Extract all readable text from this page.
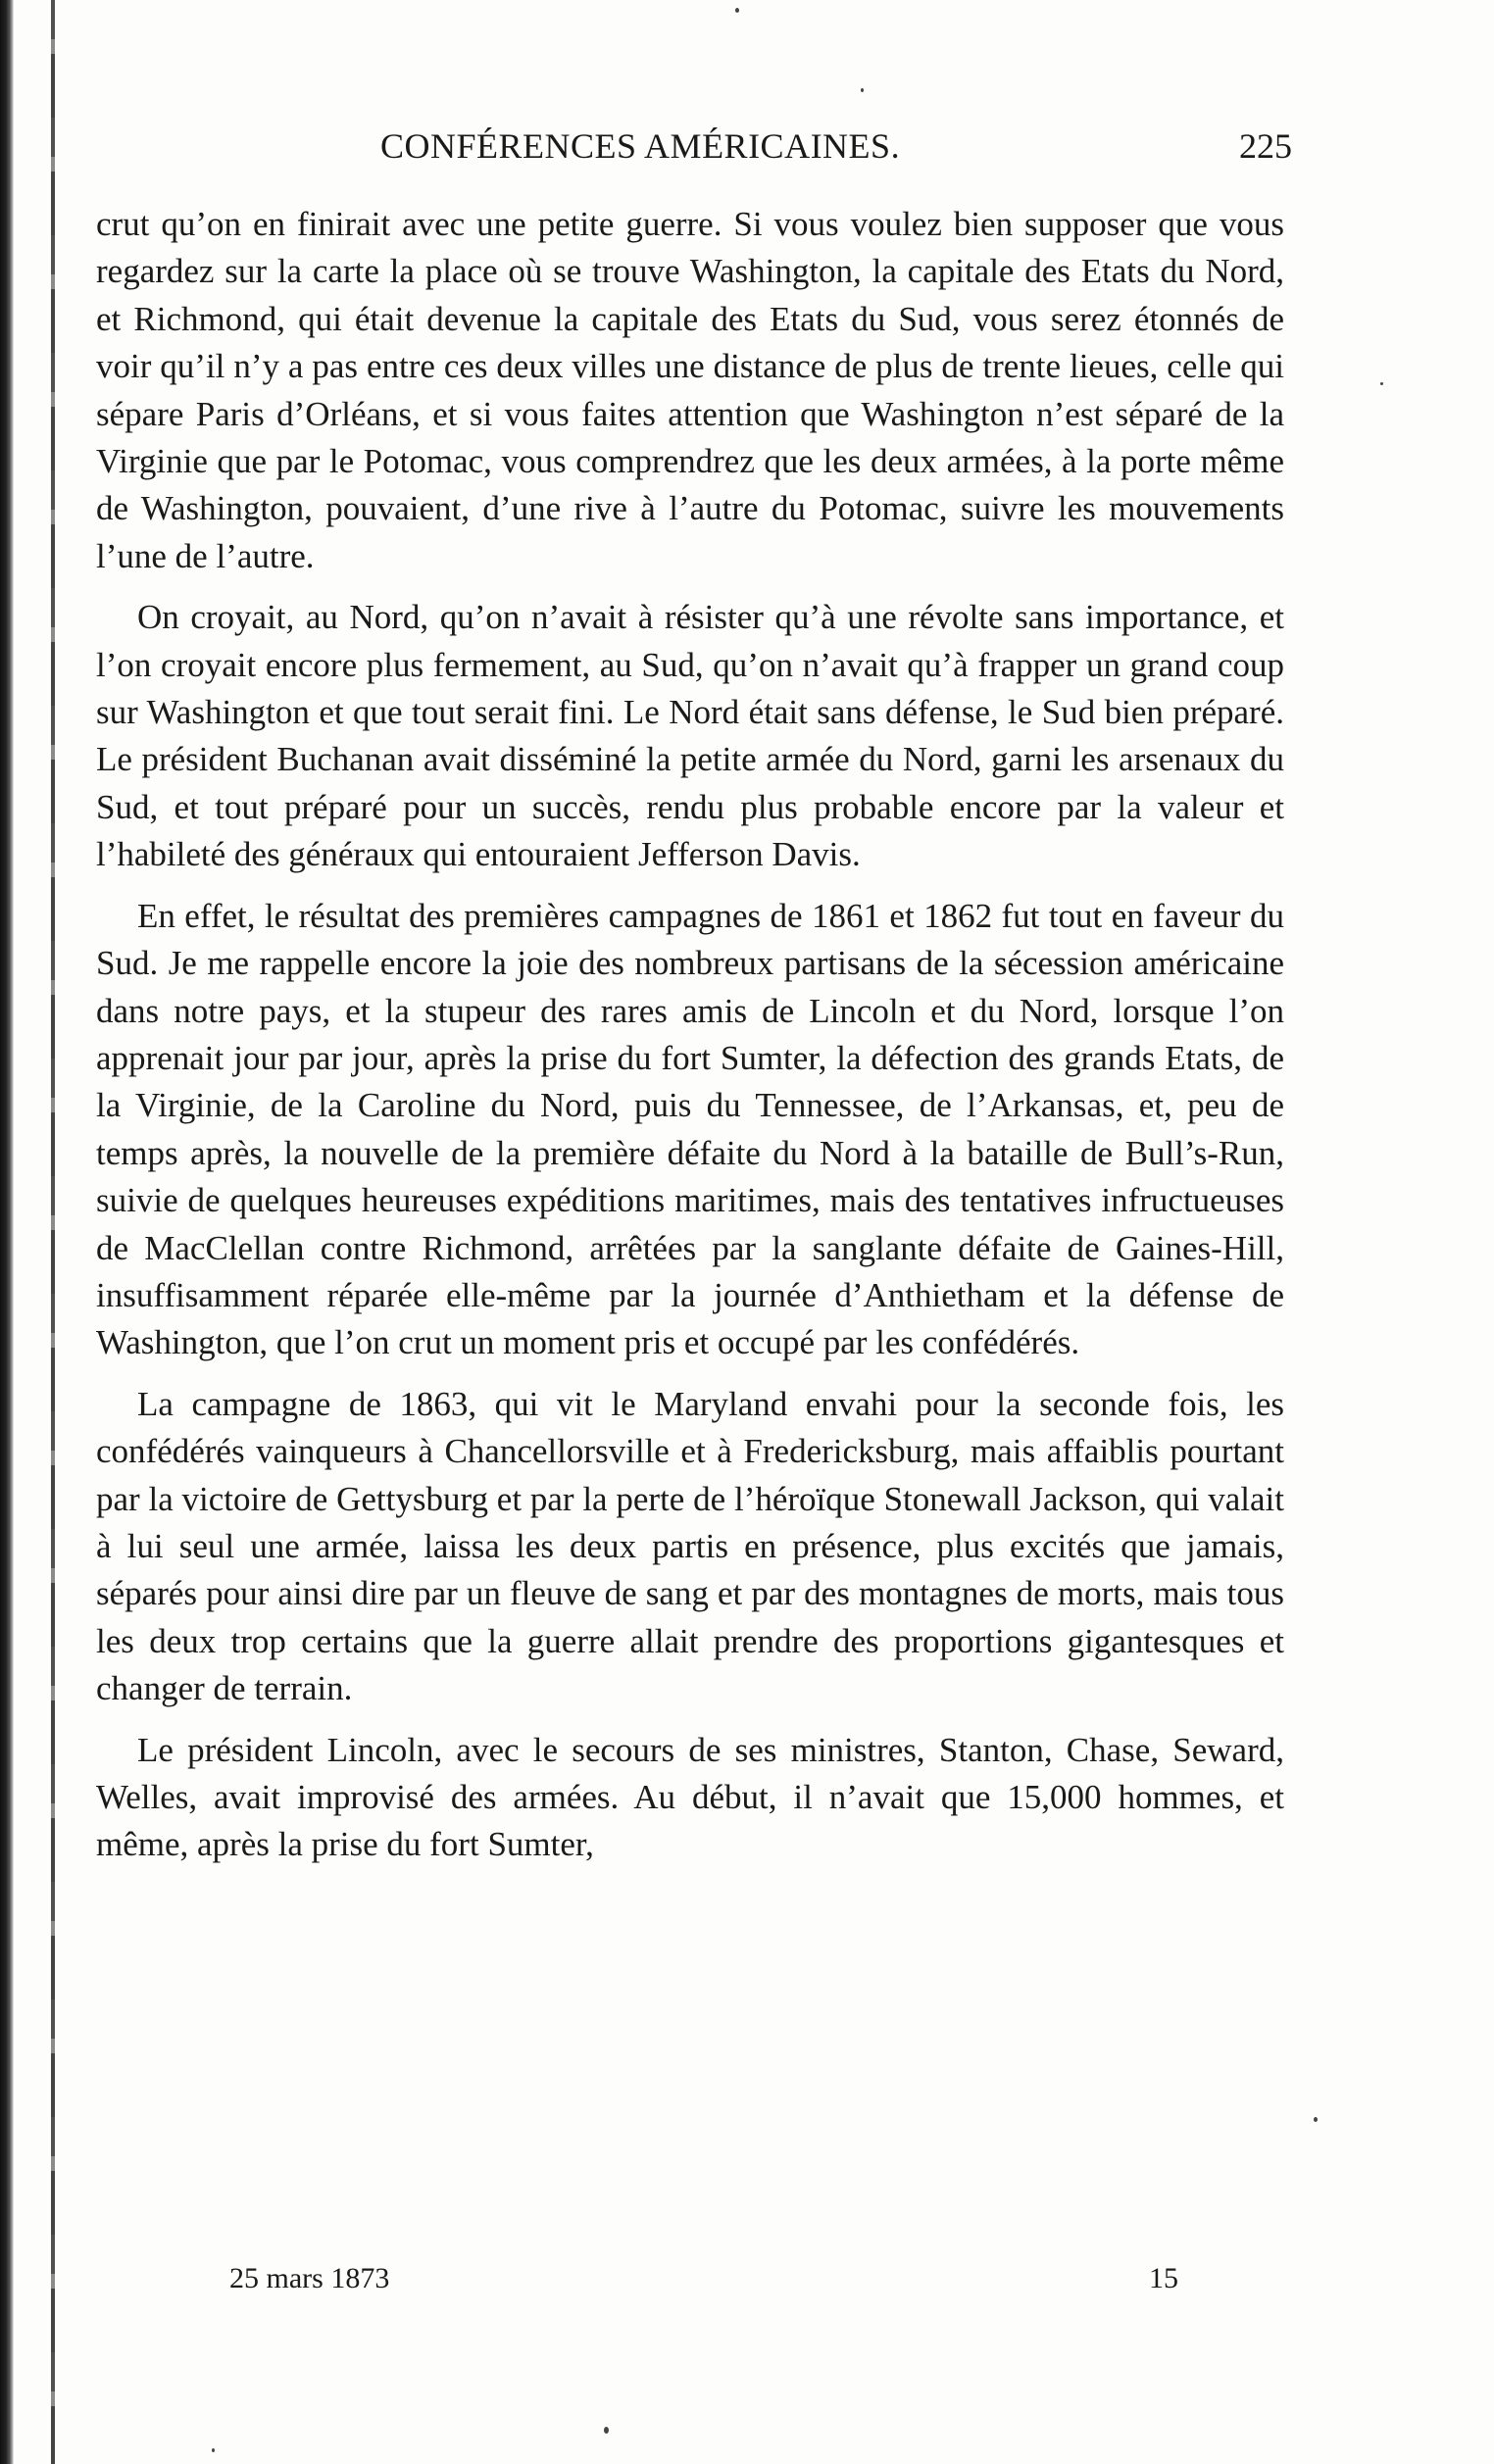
CONFÉRENCES AMÉRICAINES.	225

crut qu’on en finirait avec une petite guerre. Si vous voulez bien supposer que vous regardez sur la carte la place où se trouve Washington, la capitale des Etats du Nord, et Richmond, qui était devenue la capitale des Etats du Sud, vous serez étonnés de voir qu’il n’y a pas entre ces deux villes une distance de plus de trente lieues, celle qui sépare Paris d’Orléans, et si vous faites attention que Washington n’est séparé de la Virginie que par le Potomac, vous comprendrez que les deux armées, à la porte même de Washington, pouvaient, d’une rive à l’autre du Potomac, suivre les mouvements l’une de l’autre.

On croyait, au Nord, qu’on n’avait à résister qu’à une révolte sans importance, et l’on croyait encore plus fermement, au Sud, qu’on n’avait qu’à frapper un grand coup sur Washington et que tout serait fini. Le Nord était sans défense, le Sud bien préparé. Le président Buchanan avait disséminé la petite armée du Nord, garni les arsenaux du Sud, et tout préparé pour un succès, rendu plus probable encore par la valeur et l’habileté des généraux qui entouraient Jefferson Davis.

En effet, le résultat des premières campagnes de 1861 et 1862 fut tout en faveur du Sud. Je me rappelle encore la joie des nombreux partisans de la sécession américaine dans notre pays, et la stupeur des rares amis de Lincoln et du Nord, lorsque l’on apprenait jour par jour, après la prise du fort Sumter, la défection des grands Etats, de la Virginie, de la Caroline du Nord, puis du Tennessee, de l’Arkansas, et, peu de temps après, la nouvelle de la première défaite du Nord à la bataille de Bull’s-Run, suivie de quelques heureuses expéditions maritimes, mais des tentatives infructueuses de MacClellan contre Richmond, arrêtées par la sanglante défaite de Gaines-Hill, insuffisamment réparée elle-même par la journée d’Anthietham et la défense de Washington, que l’on crut un moment pris et occupé par les confédérés.

La campagne de 1863, qui vit le Maryland envahi pour la seconde fois, les confédérés vainqueurs à Chancellorsville et à Fredericksburg, mais affaiblis pourtant par la victoire de Gettysburg et par la perte de l’héroïque Stonewall Jackson, qui valait à lui seul une armée, laissa les deux partis en présence, plus excités que jamais, séparés pour ainsi dire par un fleuve de sang et par des montagnes de morts, mais tous les deux trop certains que la guerre allait prendre des proportions gigantesques et changer de terrain.

Le président Lincoln, avec le secours de ses ministres, Stanton, Chase, Seward, Welles, avait improvisé des armées. Au début, il n’avait que 15,000 hommes, et même, après la prise du fort Sumter,

25 mars 1873	15
